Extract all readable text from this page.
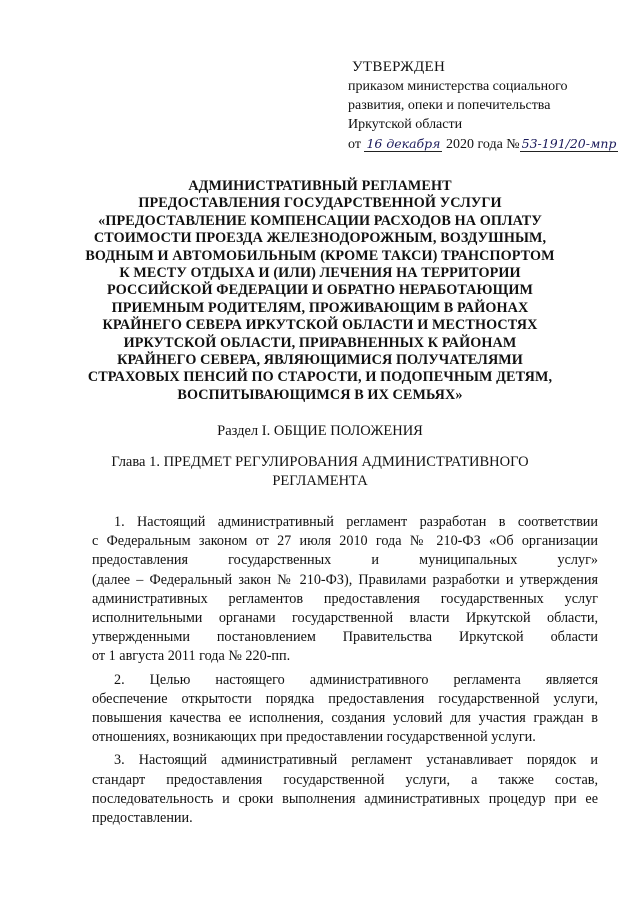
УТВЕРЖДЕН
приказом министерства социального
развития, опеки и попечительства
Иркутской области
от 16 декабря 2020 года № 53-191/20-мпр
АДМИНИСТРАТИВНЫЙ РЕГЛАМЕНТ
ПРЕДОСТАВЛЕНИЯ ГОСУДАРСТВЕННОЙ УСЛУГИ
«ПРЕДОСТАВЛЕНИЕ КОМПЕНСАЦИИ РАСХОДОВ НА ОПЛАТУ
СТОИМОСТИ ПРОЕЗДА ЖЕЛЕЗНОДОРОЖНЫМ, ВОЗДУШНЫМ,
ВОДНЫМ И АВТОМОБИЛЬНЫМ (КРОМЕ ТАКСИ) ТРАНСПОРТОМ
К МЕСТУ ОТДЫХА И (ИЛИ) ЛЕЧЕНИЯ НА ТЕРРИТОРИИ
РОССИЙСКОЙ ФЕДЕРАЦИИ И ОБРАТНО НЕРАБОТАЮЩИМ
ПРИЕМНЫМ РОДИТЕЛЯМ, ПРОЖИВАЮЩИМ В РАЙОНАХ
КРАЙНЕГО СЕВЕРА ИРКУТСКОЙ ОБЛАСТИ И МЕСТНОСТЯХ
ИРКУТСКОЙ ОБЛАСТИ, ПРИРАВНЕННЫХ К РАЙОНАМ
КРАЙНЕГО СЕВЕРА, ЯВЛЯЮЩИМИСЯ ПОЛУЧАТЕЛЯМИ
СТРАХОВЫХ ПЕНСИЙ ПО СТАРОСТИ, И ПОДОПЕЧНЫМ ДЕТЯМ,
ВОСПИТЫВАЮЩИМСЯ В ИХ СЕМЬЯХ»
Раздел I. ОБЩИЕ ПОЛОЖЕНИЯ
Глава 1. ПРЕДМЕТ РЕГУЛИРОВАНИЯ АДМИНИСТРАТИВНОГО
РЕГЛАМЕНТА
1. Настоящий административный регламент разработан в соответствии
с Федеральным законом от 27 июля 2010 года № 210-ФЗ «Об организации
предоставления государственных и муниципальных услуг»
(далее – Федеральный закон № 210-ФЗ), Правилами разработки и утверждения
административных регламентов предоставления государственных услуг
исполнительными органами государственной власти Иркутской области,
утвержденными постановлением Правительства Иркутской области
от 1 августа 2011 года № 220-пп.
2. Целью настоящего административного регламента является
обеспечение открытости порядка предоставления государственной услуги,
повышения качества ее исполнения, создания условий для участия граждан в
отношениях, возникающих при предоставлении государственной услуги.
3. Настоящий административный регламент устанавливает порядок и
стандарт предоставления государственной услуги, а также состав,
последовательность и сроки выполнения административных процедур при ее
предоставлении.
